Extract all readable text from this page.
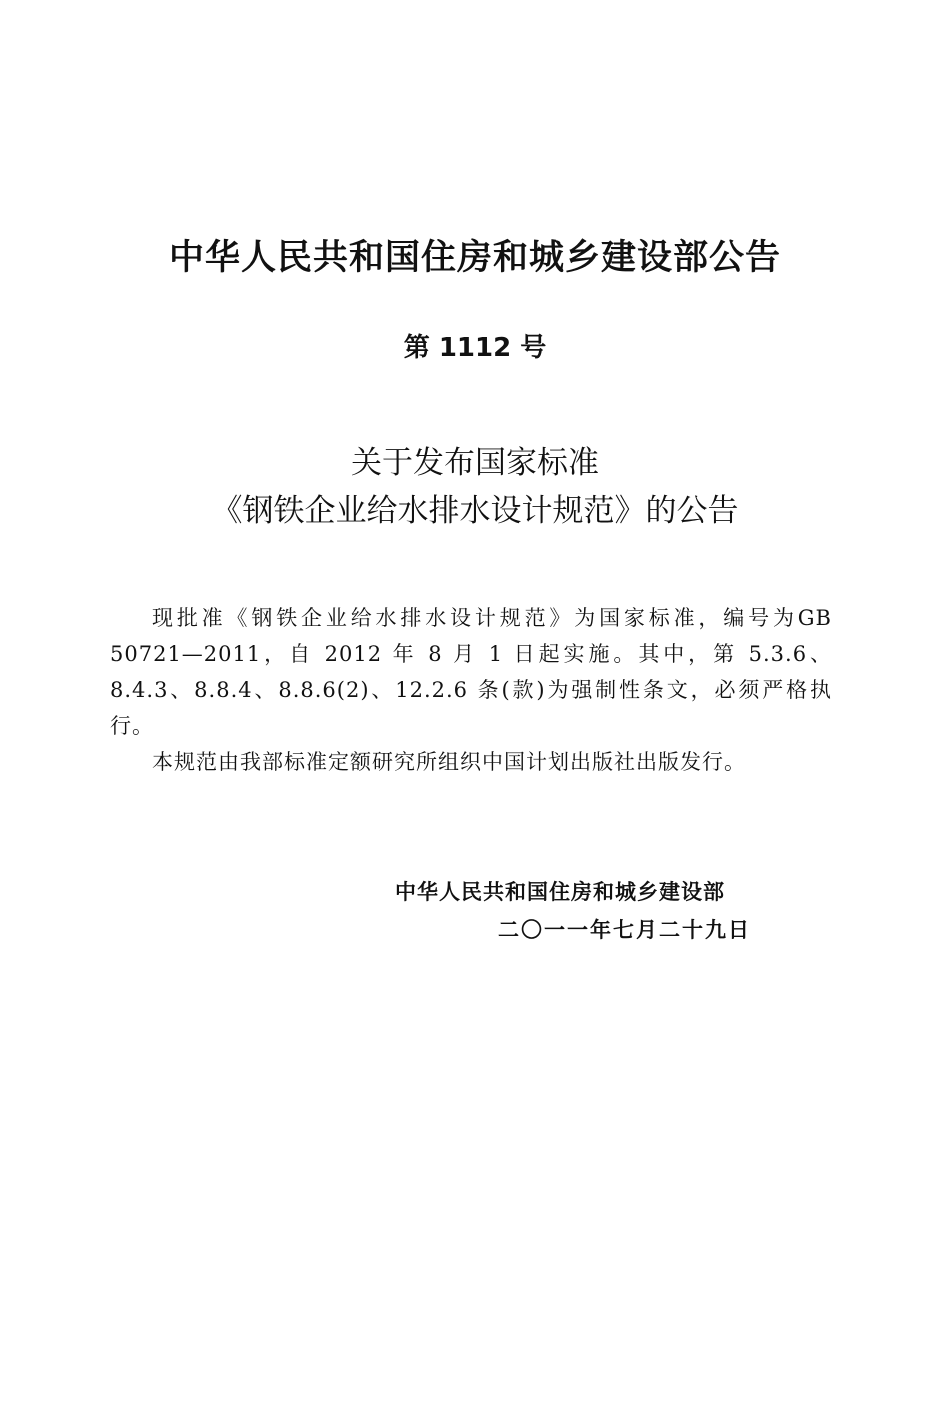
中华人民共和国住房和城乡建设部公告
第 1112 号
关于发布国家标准
《钢铁企业给水排水设计规范》的公告

现批准《钢铁企业给水排水设计规范》为国家标准，编号为GB 50721—2011，自 2012 年 8 月 1 日起实施。其中，第 5.3.6、8.4.3、8.8.4、8.8.6(2)、12.2.6 条(款)为强制性条文，必须严格执行。

本规范由我部标准定额研究所组织中国计划出版社出版发行。

中华人民共和国住房和城乡建设部
二〇一一年七月二十九日
